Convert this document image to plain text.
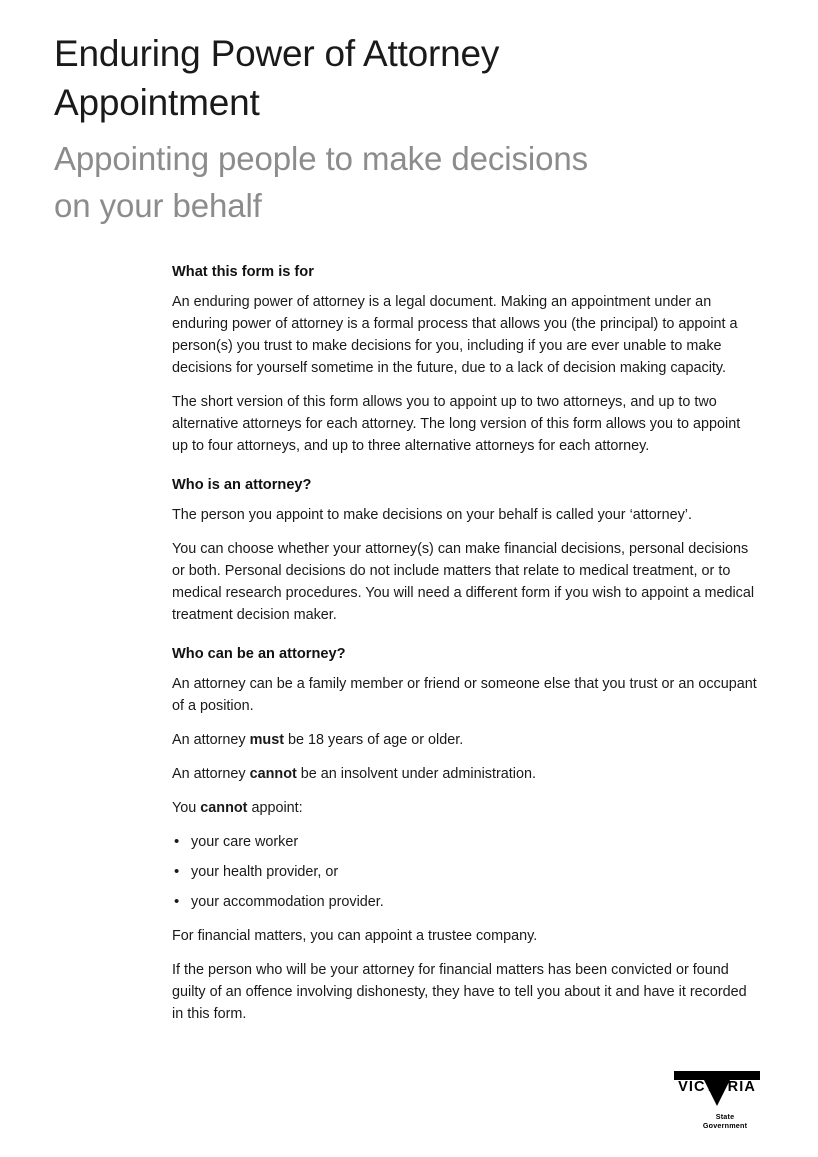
Enduring Power of Attorney Appointment
Appointing people to make decisions on your behalf
What this form is for

An enduring power of attorney is a legal document. Making an appointment under an enduring power of attorney is a formal process that allows you (the principal) to appoint a person(s) you trust to make decisions for you, including if you are ever unable to make decisions for yourself sometime in the future, due to a lack of decision making capacity.

The short version of this form allows you to appoint up to two attorneys, and up to two alternative attorneys for each attorney. The long version of this form allows you to appoint up to four attorneys, and up to three alternative attorneys for each attorney.

Who is an attorney?

The person you appoint to make decisions on your behalf is called your ‘attorney’.

You can choose whether your attorney(s) can make financial decisions, personal decisions or both. Personal decisions do not include matters that relate to medical treatment, or to medical research procedures. You will need a different form if you wish to appoint a medical treatment decision maker.

Who can be an attorney?

An attorney can be a family member or friend or someone else that you trust or an occupant of a position.

An attorney must be 18 years of age or older.

An attorney cannot be an insolvent under administration.

You cannot appoint:

• your care worker
• your health provider, or
• your accommodation provider.

For financial matters, you can appoint a trustee company.

If the person who will be your attorney for financial matters has been convicted or found guilty of an offence involving dishonesty, they have to tell you about it and have it recorded in this form.

VICTORIA
State
Government
